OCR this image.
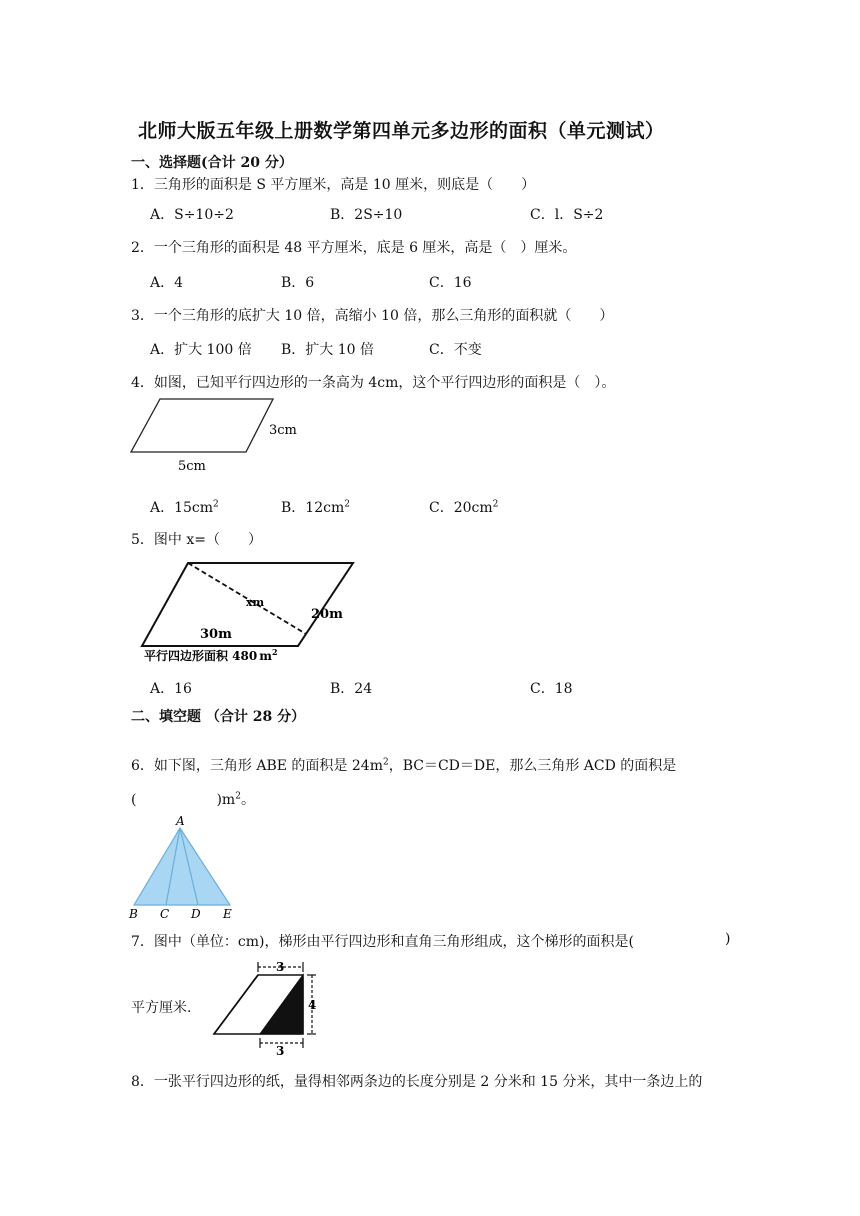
北师大版五年级上册数学第四单元多边形的面积（单元测试）
一、选择题(合计 20 分）
1．三角形的面积是 S 平方厘米，高是 10 厘米，则底是（　　）
A．S÷10÷2	B．2S÷10	C．l．S÷2
2．一个三角形的面积是 48 平方厘米，底是 6 厘米，高是（　）厘米。
A．4	B．6	C．16
3．一个三角形的底扩大 10 倍，高缩小 10 倍，那么三角形的面积就（　　）
A．扩大 100 倍 B．扩大 10 倍	C．不变
4．如图，已知平行四边形的一条高为 4cm，这个平行四边形的面积是（　）。
3cm
5cm
A．$15cm^2$	B．$12cm^2$	C．$20cm^2$
5．图中 x=（　　）
xm
20m
30m
平行四边形面积 480 $m^2$
A．16	B．24	C．18
二、填空题 （合计 28 分）
6．如下图，三角形 ABE 的面积是 $24m^2$，BC＝CD＝DE，那么三角形 ACD 的面积是
(	)$m^2$。
A
B C D E
7．图中（单位：cm)，梯形由平行四边形和直角三角形组成，这个梯形的面积是(	)
平方厘米.
3
4
3
8．一张平行四边形的纸，量得相邻两条边的长度分别是 2 分米和 15 分米，其中一条边上的
